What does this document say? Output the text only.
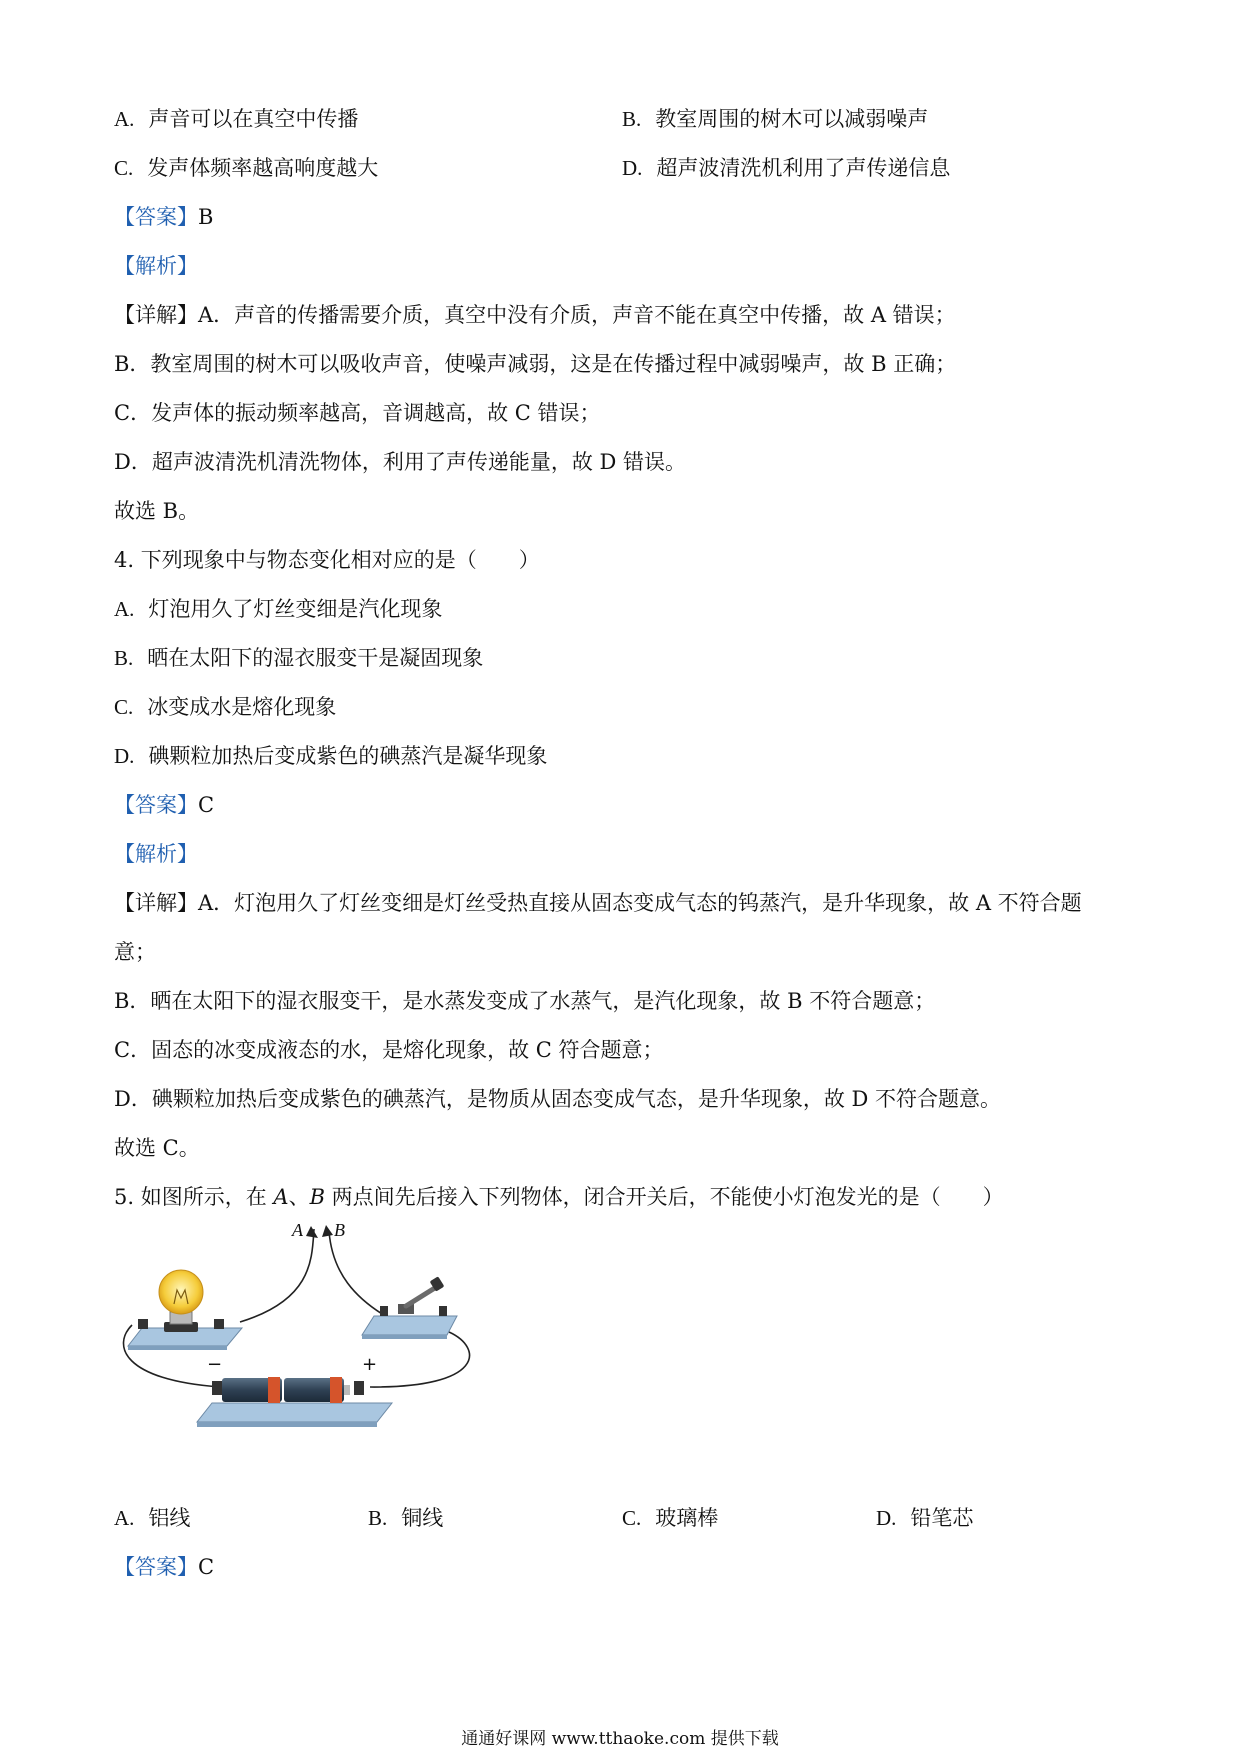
A. 声音可以在真空中传播	B. 教室周围的树木可以减弱噪声
C. 发声体频率越高响度越大	D. 超声波清洗机利用了声传递信息
【答案】B
【解析】
【详解】A．声音的传播需要介质，真空中没有介质，声音不能在真空中传播，故 A 错误；
B．教室周围的树木可以吸收声音，使噪声减弱，这是在传播过程中减弱噪声，故 B 正确；
C．发声体的振动频率越高，音调越高，故 C 错误；
D．超声波清洗机清洗物体，利用了声传递能量，故 D 错误。
故选 B。
4. 下列现象中与物态变化相对应的是（　　）
A. 灯泡用久了灯丝变细是汽化现象
B. 晒在太阳下的湿衣服变干是凝固现象
C. 冰变成水是熔化现象
D. 碘颗粒加热后变成紫色的碘蒸汽是凝华现象
【答案】C
【解析】
【详解】A．灯泡用久了灯丝变细是灯丝受热直接从固态变成气态的钨蒸汽，是升华现象，故 A 不符合题
意；
B．晒在太阳下的湿衣服变干，是水蒸发变成了水蒸气，是汽化现象，故 B 不符合题意；
C．固态的冰变成液态的水，是熔化现象，故 C 符合题意；
D．碘颗粒加热后变成紫色的碘蒸汽，是物质从固态变成气态，是升华现象，故 D 不符合题意。
故选 C。
5. 如图所示，在 A、B 两点间先后接入下列物体，闭合开关后，不能使小灯泡发光的是（　　）
A B
−	+
A. 铝线	B. 铜线	C. 玻璃棒	D. 铅笔芯
【答案】C
通通好课网 www.tthaoke.com 提供下载
